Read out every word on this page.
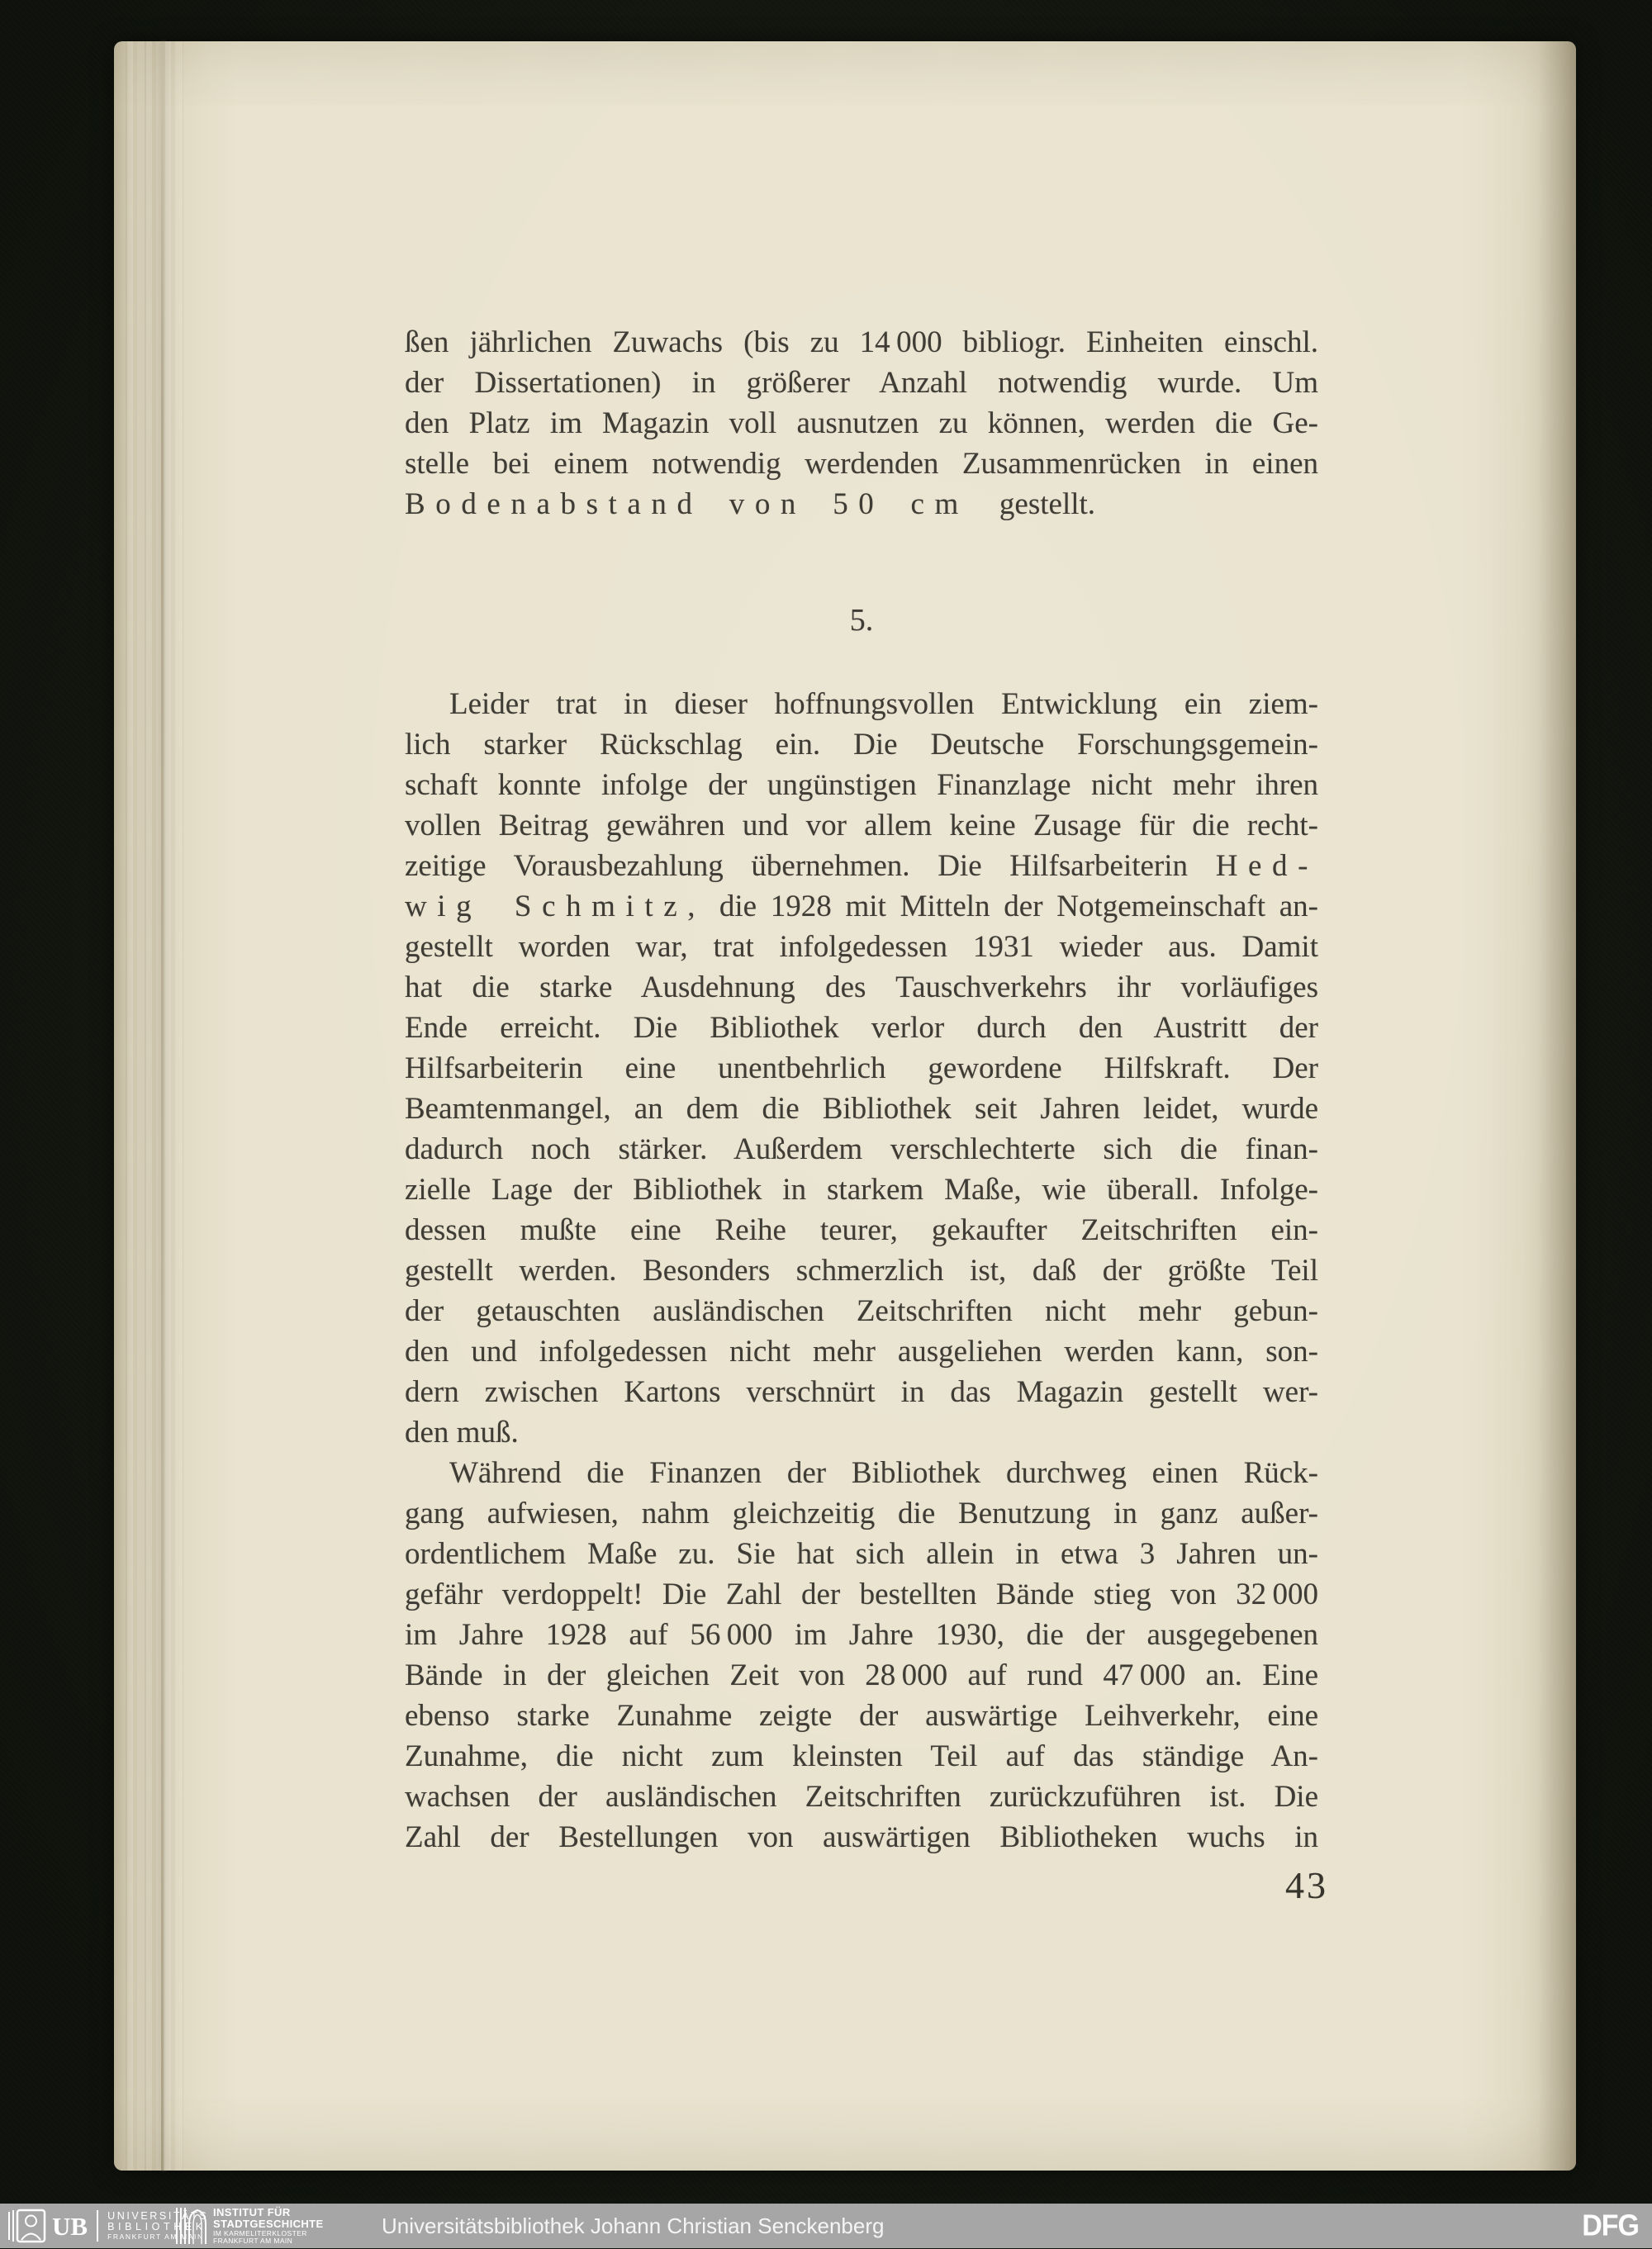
ßen jährlichen Zuwachs (bis zu 14 000 bibliogr. Einheiten einschl.
der Dissertationen) in größerer Anzahl notwendig wurde. Um
den Platz im Magazin voll ausnutzen zu können, werden die Ge-
stelle bei einem notwendig werdenden Zusammenrücken in einen
Bodenabstand von 50 cm gestellt.
5.
Leider trat in dieser hoffnungsvollen Entwicklung ein ziem-
lich starker Rückschlag ein. Die Deutsche Forschungsgemein-
schaft konnte infolge der ungünstigen Finanzlage nicht mehr ihren
vollen Beitrag gewähren und vor allem keine Zusage für die recht-
zeitige Vorausbezahlung übernehmen. Die Hilfsarbeiterin Hed-
wig Schmitz, die 1928 mit Mitteln der Notgemeinschaft an-
gestellt worden war, trat infolgedessen 1931 wieder aus. Damit
hat die starke Ausdehnung des Tauschverkehrs ihr vorläufiges
Ende erreicht. Die Bibliothek verlor durch den Austritt der
Hilfsarbeiterin eine unentbehrlich gewordene Hilfskraft. Der
Beamtenmangel, an dem die Bibliothek seit Jahren leidet, wurde
dadurch noch stärker. Außerdem verschlechterte sich die finan-
zielle Lage der Bibliothek in starkem Maße, wie überall. Infolge-
dessen mußte eine Reihe teurer, gekaufter Zeitschriften ein-
gestellt werden. Besonders schmerzlich ist, daß der größte Teil
der getauschten ausländischen Zeitschriften nicht mehr gebun-
den und infolgedessen nicht mehr ausgeliehen werden kann, son-
dern zwischen Kartons verschnürt in das Magazin gestellt wer-
den muß.
Während die Finanzen der Bibliothek durchweg einen Rück-
gang aufwiesen, nahm gleichzeitig die Benutzung in ganz außer-
ordentlichem Maße zu. Sie hat sich allein in etwa 3 Jahren un-
gefähr verdoppelt! Die Zahl der bestellten Bände stieg von 32 000
im Jahre 1928 auf 56 000 im Jahre 1930, die der ausgegebenen
Bände in der gleichen Zeit von 28 000 auf rund 47 000 an. Eine
ebenso starke Zunahme zeigte der auswärtige Leihverkehr, eine
Zunahme, die nicht zum kleinsten Teil auf das ständige An-
wachsen der ausländischen Zeitschriften zurückzuführen ist. Die
Zahl der Bestellungen von auswärtigen Bibliotheken wuchs in
43
UB UNIVERSITÄTS
BIBLIOTHEK
FRANKFURT AM MAIN
INSTITUT FÜR
STADTGESCHICHTE
IM KARMELITERKLOSTER
FRANKFURT AM MAIN
Universitätsbibliothek Johann Christian Senckenberg	DFG
